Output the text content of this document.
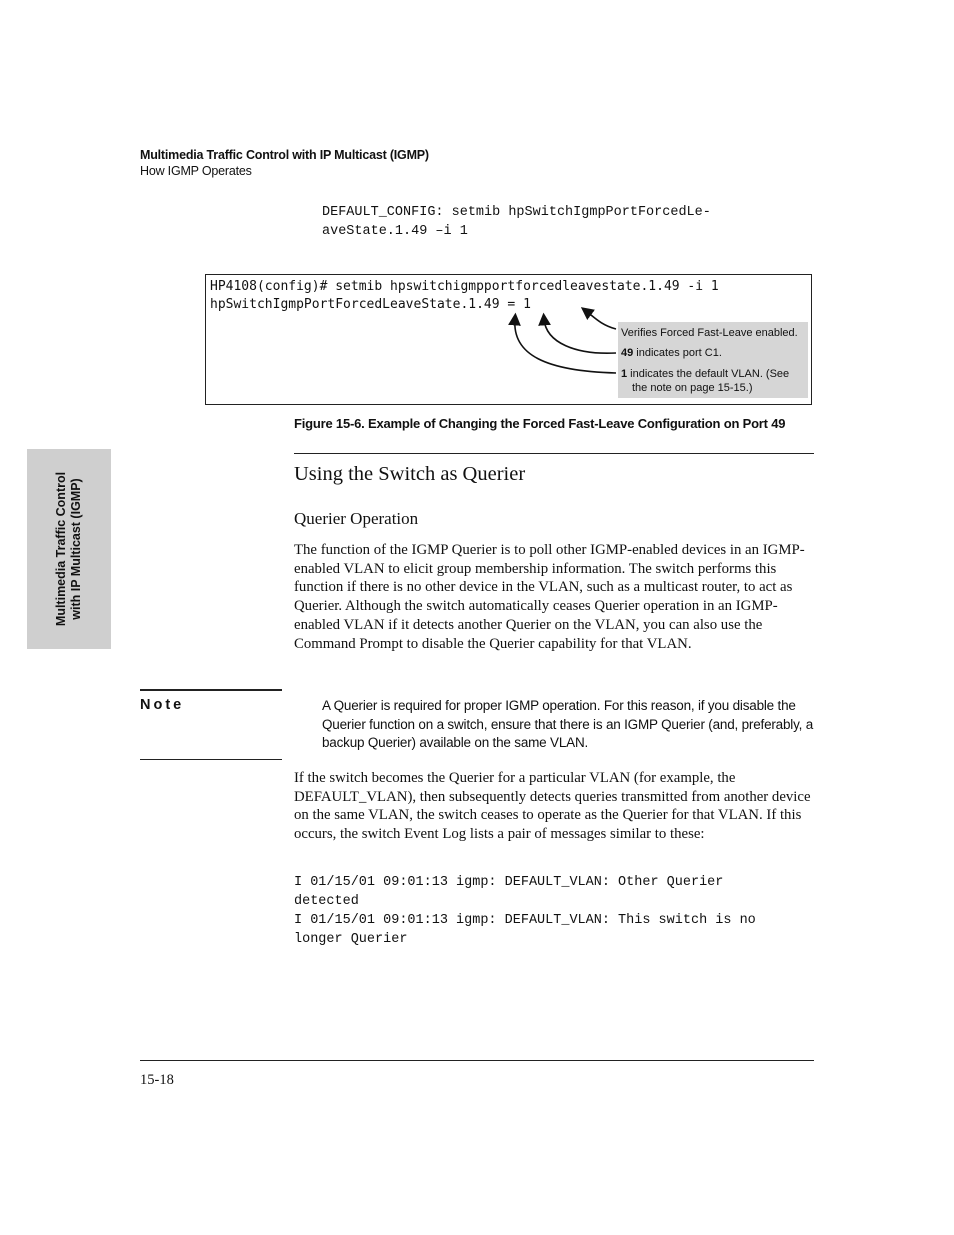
Multimedia Traffic Control with IP Multicast (IGMP)
How IGMP Operates
Multimedia Traffic Control with IP Multicast (IGMP)
DEFAULT_CONFIG: setmib hpSwitchIgmpPortForcedLe-
aveState.1.49 –i 1
HP4108(config)# setmib hpswitchigmpportforcedleavestate.1.49 -i 1
hpSwitchIgmpPortForcedLeaveState.1.49 = 1
Verifies Forced Fast-Leave enabled.
49 indicates port C1.
1 indicates the default VLAN. (See
the note on page 15-15.)
Figure 15-6. Example of Changing the Forced Fast-Leave Configuration on Port 49
Using the Switch as Querier
Querier Operation
The function of the IGMP Querier is to poll other IGMP-enabled devices in an IGMP-enabled VLAN to elicit group membership information. The switch performs this function if there is no other device in the VLAN, such as a multicast router, to act as Querier. Although the switch automatically ceases Querier operation in an IGMP-enabled VLAN if it detects another Querier on the VLAN, you can also use the Command Prompt to disable the Querier capability for that VLAN.
Note	A Querier is required for proper IGMP operation. For this reason, if you disable the Querier function on a switch, ensure that there is an IGMP Querier (and, preferably, a backup Querier) available on the same VLAN.
If the switch becomes the Querier for a particular VLAN (for example, the DEFAULT_VLAN), then subsequently detects queries transmitted from another device on the same VLAN, the switch ceases to operate as the Querier for that VLAN. If this occurs, the switch Event Log lists a pair of messages similar to these:
I 01/15/01 09:01:13 igmp: DEFAULT_VLAN: Other Querier
detected
I 01/15/01 09:01:13 igmp: DEFAULT_VLAN: This switch is no
longer Querier
15-18
